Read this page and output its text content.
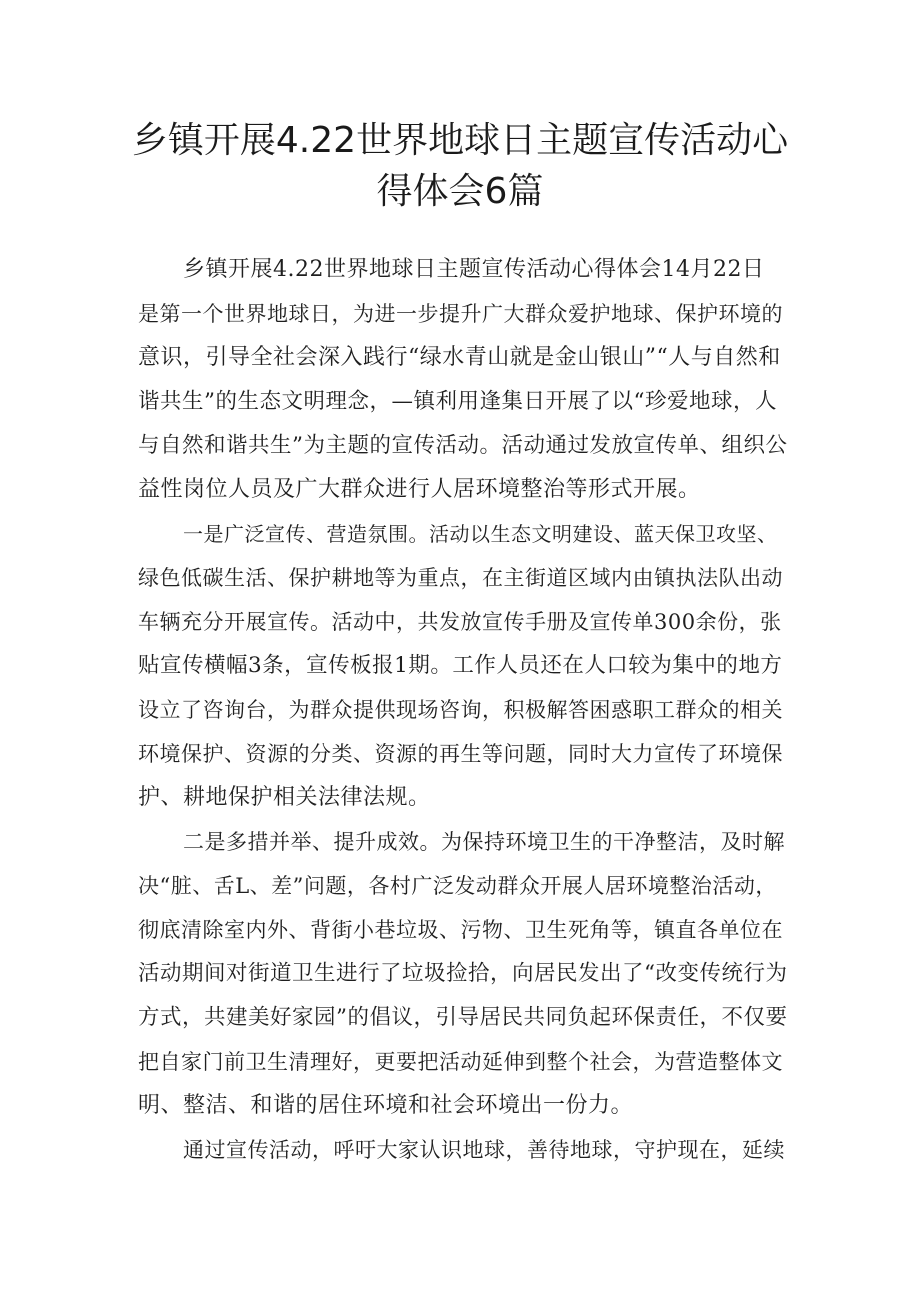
乡镇开展4.22世界地球日主题宣传活动心
得体会6篇

乡镇开展4.22世界地球日主题宣传活动心得体会14月22日

是第一个世界地球日，为进一步提升广大群众爱护地球、保护环境的

意识，引导全社会深入践行“绿水青山就是金山银山”“人与自然和

谐共生”的生态文明理念，—镇利用逢集日开展了以“珍爱地球，人

与自然和谐共生”为主题的宣传活动。活动通过发放宣传单、组织公

益性岗位人员及广大群众进行人居环境整治等形式开展。

一是广泛宣传、营造氛围。活动以生态文明建设、蓝天保卫攻坚、

绿色低碳生活、保护耕地等为重点，在主街道区域内由镇执法队出动

车辆充分开展宣传。活动中，共发放宣传手册及宣传单300余份，张

贴宣传横幅3条，宣传板报1期。工作人员还在人口较为集中的地方

设立了咨询台，为群众提供现场咨询，积极解答困惑职工群众的相关

环境保护、资源的分类、资源的再生等问题，同时大力宣传了环境保

护、耕地保护相关法律法规。

二是多措并举、提升成效。为保持环境卫生的干净整洁，及时解

决“脏、舌L、差”问题，各村广泛发动群众开展人居环境整治活动，

彻底清除室内外、背街小巷垃圾、污物、卫生死角等，镇直各单位在

活动期间对街道卫生进行了垃圾捡拾，向居民发出了“改变传统行为

方式，共建美好家园”的倡议，引导居民共同负起环保责任，不仅要

把自家门前卫生清理好，更要把活动延伸到整个社会，为营造整体文

明、整洁、和谐的居住环境和社会环境出一份力。

通过宣传活动，呼吁大家认识地球，善待地球，守护现在，延续
